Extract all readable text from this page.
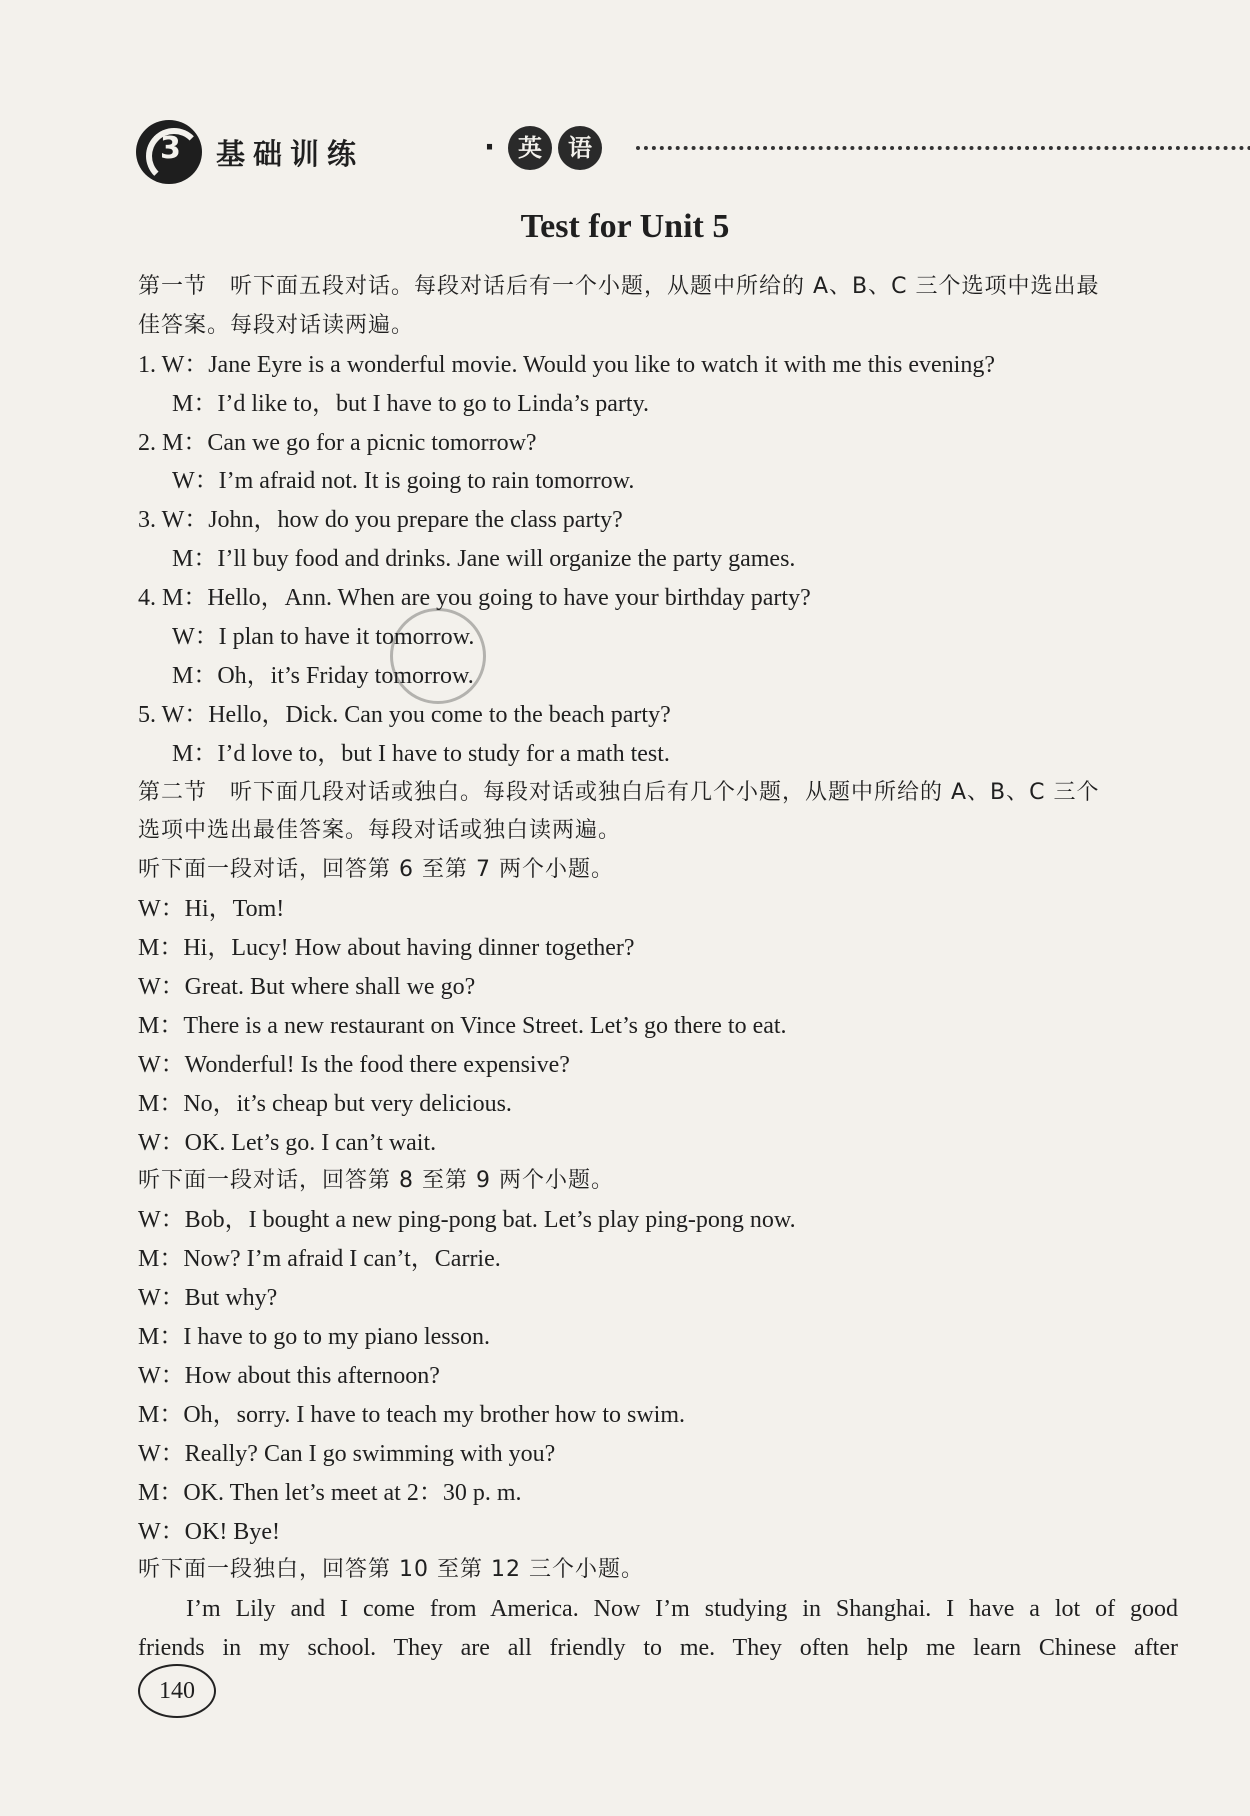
3 基础训练	· 英 语
Test for Unit 5
第一节　听下面五段对话。每段对话后有一个小题，从题中所给的 A、B、C 三个选项中选出最
佳答案。每段对话读两遍。
1. W：Jane Eyre is a wonderful movie. Would you like to watch it with me this evening?
M：I’d like to，but I have to go to Linda’s party.
2. M：Can we go for a picnic tomorrow?
W：I’m afraid not. It is going to rain tomorrow.
3. W：John，how do you prepare the class party?
M：I’ll buy food and drinks. Jane will organize the party games.
4. M：Hello，Ann. When are you going to have your birthday party?
W：I plan to have it tomorrow.
M：Oh，it’s Friday tomorrow.
5. W：Hello，Dick. Can you come to the beach party?
M：I’d love to，but I have to study for a math test.
第二节　听下面几段对话或独白。每段对话或独白后有几个小题，从题中所给的 A、B、C 三个
选项中选出最佳答案。每段对话或独白读两遍。
听下面一段对话，回答第 6 至第 7 两个小题。
W：Hi，Tom!
M：Hi，Lucy! How about having dinner together?
W：Great. But where shall we go?
M：There is a new restaurant on Vince Street. Let’s go there to eat.
W：Wonderful! Is the food there expensive?
M：No，it’s cheap but very delicious.
W：OK. Let’s go. I can’t wait.
听下面一段对话，回答第 8 至第 9 两个小题。
W：Bob，I bought a new ping-pong bat. Let’s play ping-pong now.
M：Now? I’m afraid I can’t，Carrie.
W：But why?
M：I have to go to my piano lesson.
W：How about this afternoon?
M：Oh，sorry. I have to teach my brother how to swim.
W：Really? Can I go swimming with you?
M：OK. Then let’s meet at 2：30 p. m.
W：OK! Bye!
听下面一段独白，回答第 10 至第 12 三个小题。
I’m Lily and I come from America. Now I’m studying in Shanghai. I have a lot of good
friends in my school. They are all friendly to me. They often help me learn Chinese after
140
